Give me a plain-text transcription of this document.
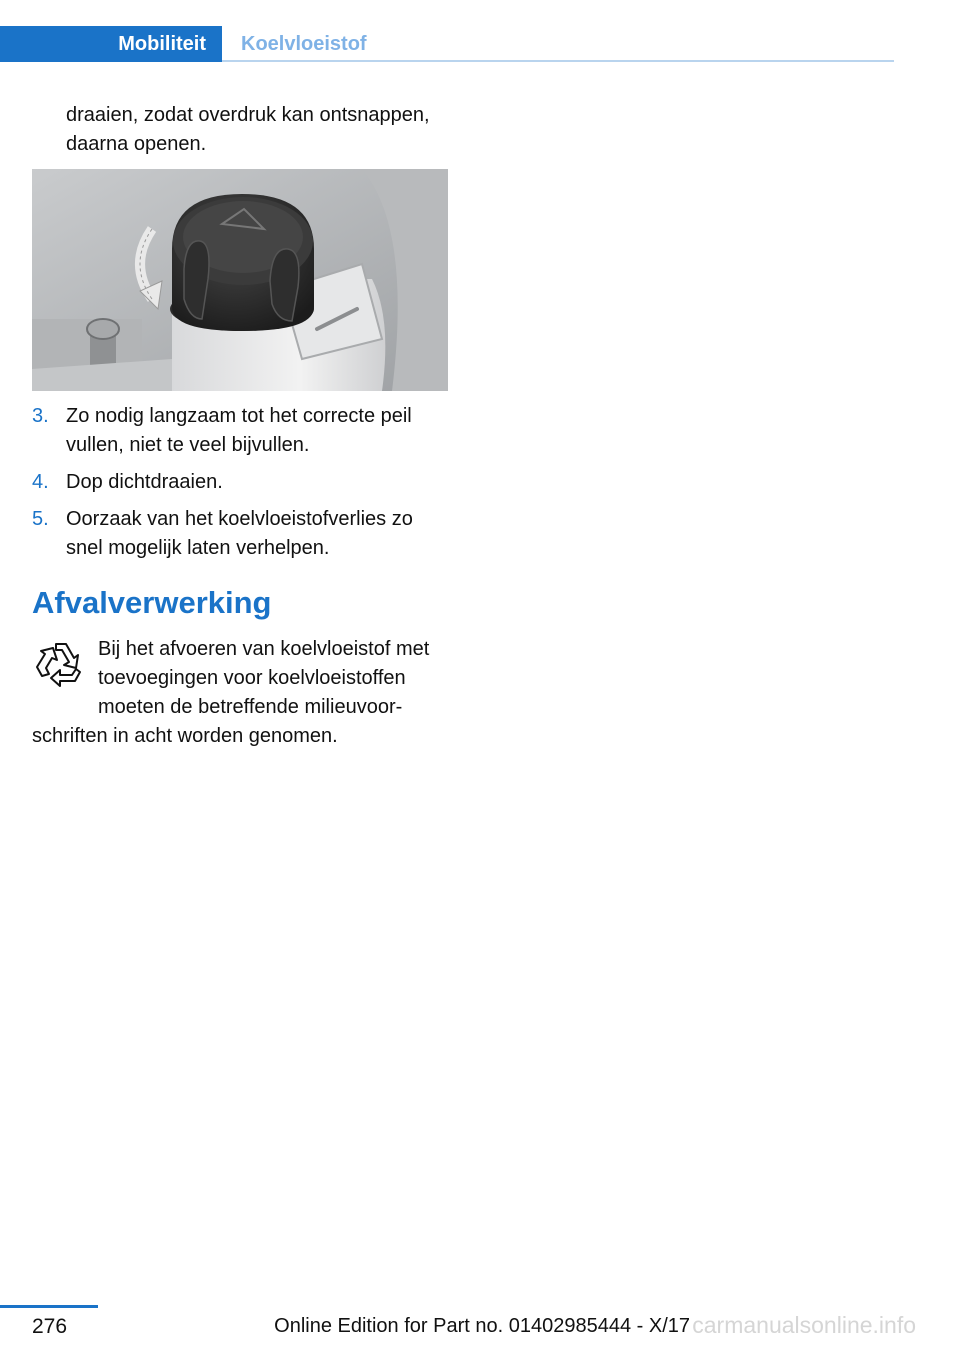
Mobiliteit	Koelvloeistof

draaien, zodat overdruk kan ontsnappen, daarna openen.

3. Zo nodig langzaam tot het correcte peil vullen, niet te veel bijvullen.
4. Dop dichtdraaien.
5. Oorzaak van het koelvloeistofverlies zo snel mogelijk laten verhelpen.
Afvalverwerking
Bij het afvoeren van koelvloeistof met
toevoegingen voor koelvloeistoffen
moeten de betreffende milieuvoor-
schriften in acht worden genomen.
276	Online Edition for Part no. 01402985444 - X/17 carmanualsonline.info
